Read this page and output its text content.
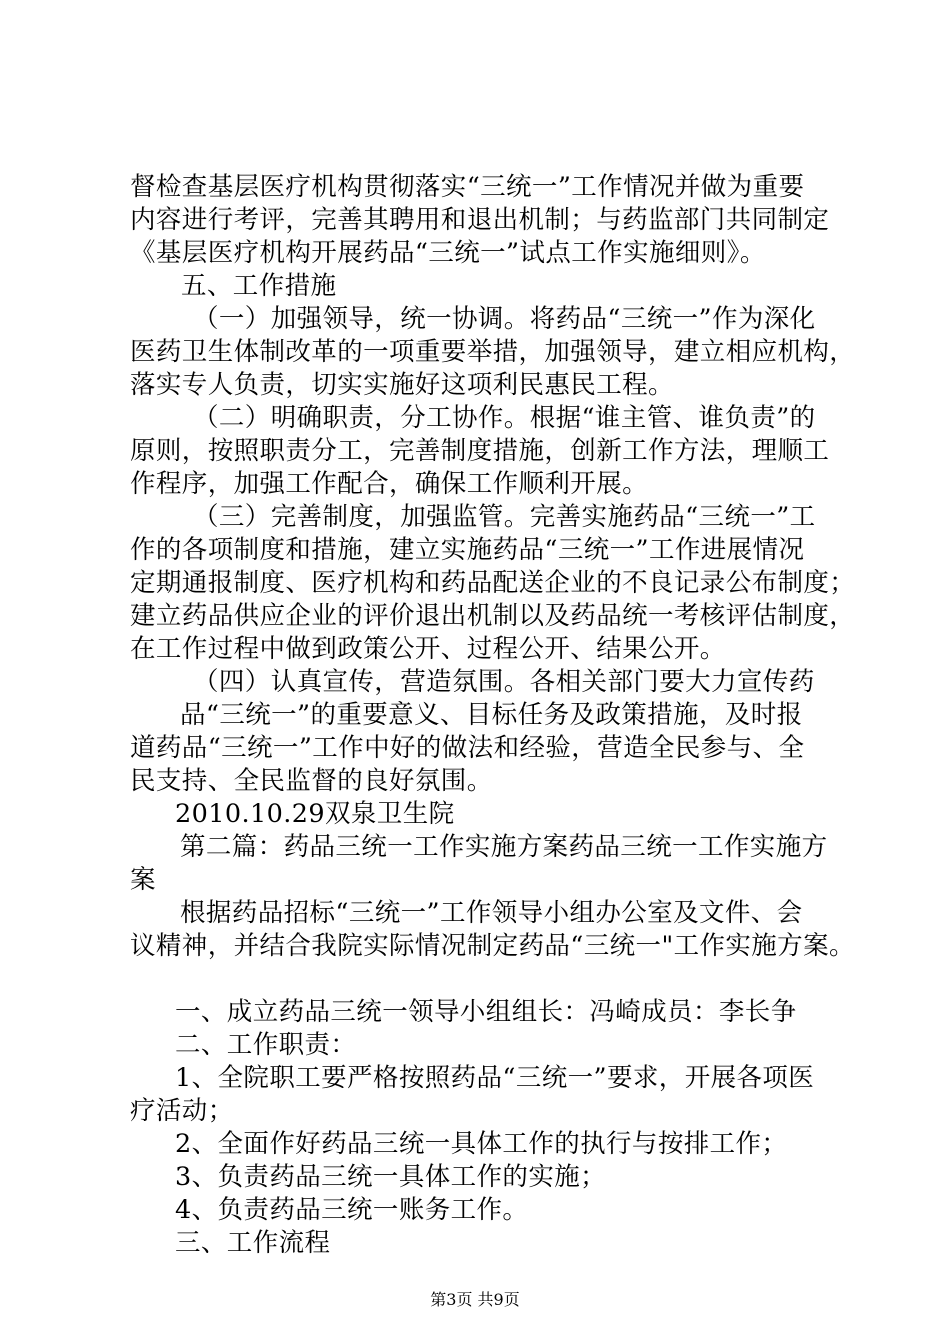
督检查基层医疗机构贯彻落实“三统一”工作情况并做为重要
内容进行考评，完善其聘用和退出机制；与药监部门共同制定
《基层医疗机构开展药品“三统一”试点工作实施细则》。
五、工作措施
（一）加强领导，统一协调。将药品“三统一”作为深化
医药卫生体制改革的一项重要举措，加强领导，建立相应机构，
落实专人负责，切实实施好这项利民惠民工程。
（二）明确职责，分工协作。根据“谁主管、谁负责”的
原则，按照职责分工，完善制度措施，创新工作方法，理顺工
作程序，加强工作配合，确保工作顺利开展。
（三）完善制度，加强监管。完善实施药品“三统一”工
作的各项制度和措施，建立实施药品“三统一”工作进展情况
定期通报制度、医疗机构和药品配送企业的不良记录公布制度；
建立药品供应企业的评价退出机制以及药品统一考核评估制度，
在工作过程中做到政策公开、过程公开、结果公开。
（四）认真宣传，营造氛围。各相关部门要大力宣传药
品“三统一”的重要意义、目标任务及政策措施，及时报
道药品“三统一”工作中好的做法和经验，营造全民参与、全
民支持、全民监督的良好氛围。
2010.10.29双泉卫生院
第二篇：药品三统一工作实施方案药品三统一工作实施方
案
根据药品招标“三统一”工作领导小组办公室及文件、会
议精神，并结合我院实际情况制定药品“三统一"工作实施方案。
一、成立药品三统一领导小组组长：冯崎成员：李长争
二、工作职责：
1、全院职工要严格按照药品“三统一”要求，开展各项医
疗活动；
2、全面作好药品三统一具体工作的执行与按排工作；
3、负责药品三统一具体工作的实施；
4、负责药品三统一账务工作。
三、工作流程
第3页 共9页
